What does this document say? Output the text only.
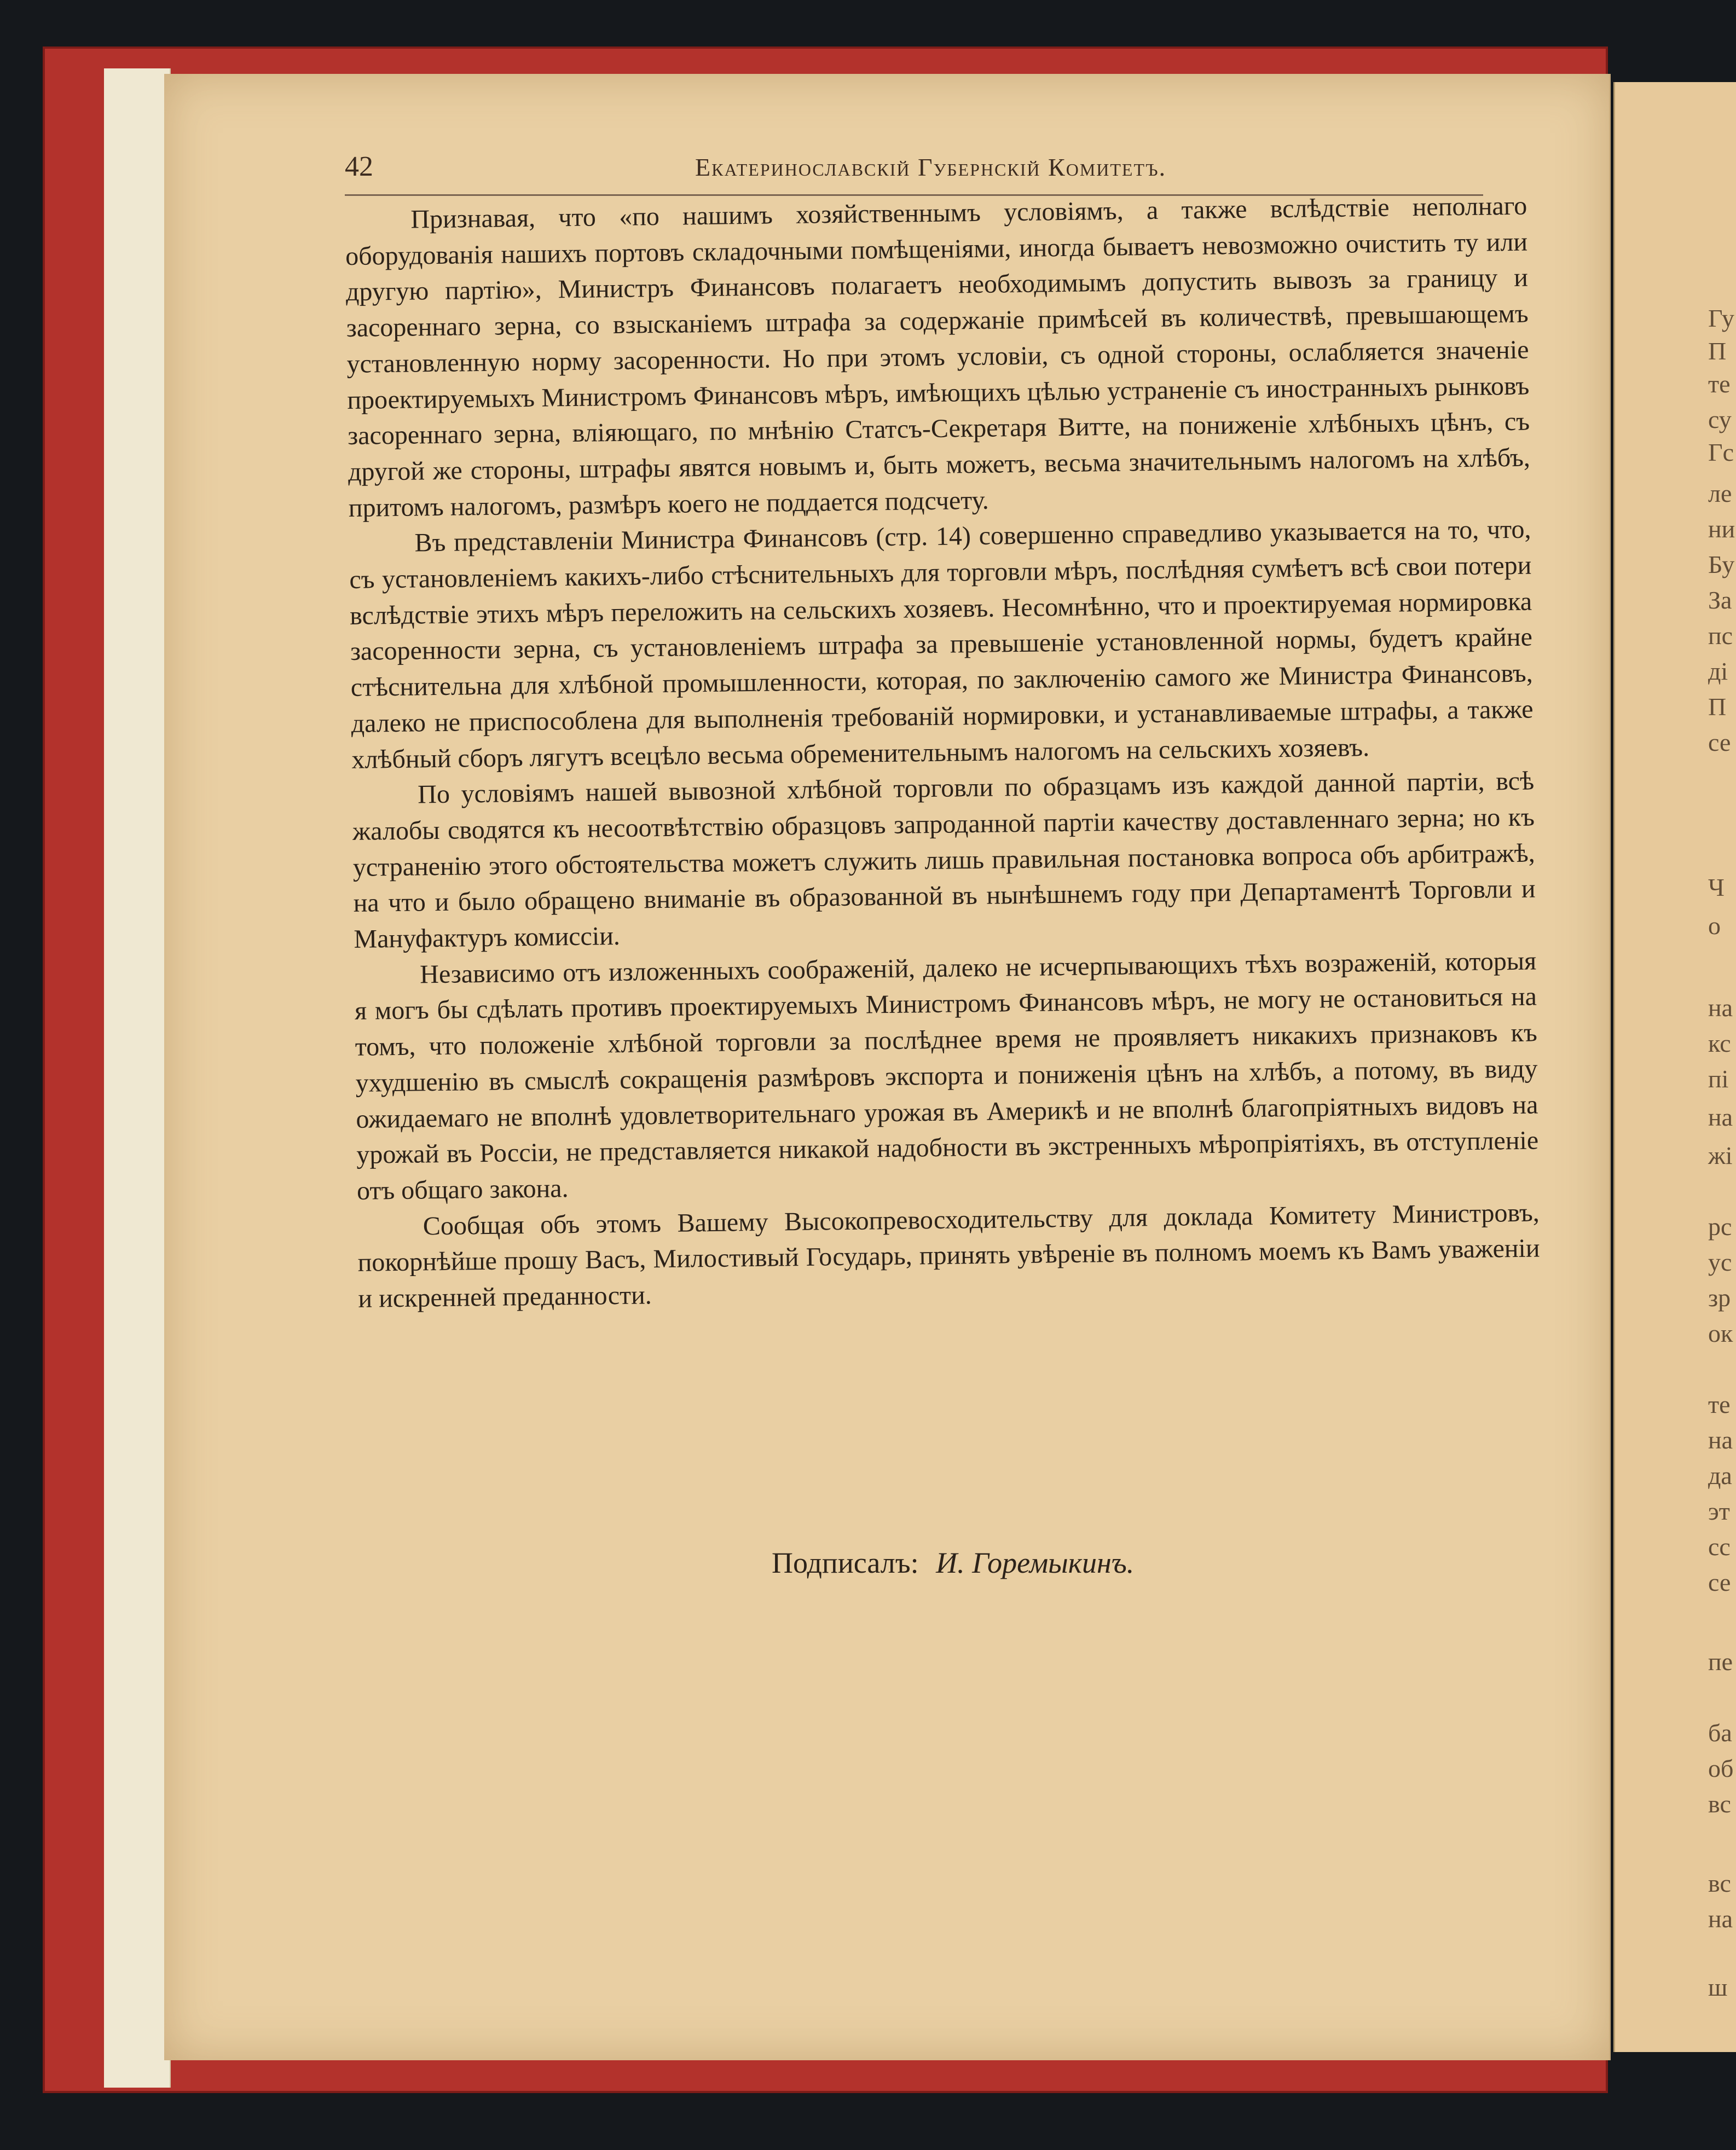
Гу
П
те
су
Гс
ле
ни
Бу
За
пс
ді
П
се
Ч
о
на
кс
пі
на
жі
рс
ус
зр
ок
те
на
да
эт
сс
се
пе
ба
об
вс
вс
на
ш
42	Екатеринославскій Губернскій Комитетъ.

Признавая, что «по нашимъ хозяйственнымъ условіямъ, а также вслѣдствіе неполнаго оборудованія нашихъ портовъ складочными помѣщеніями, иногда бываетъ невозможно очистить ту или другую партію», Министръ Финансовъ полагаетъ необходимымъ допустить вывозъ за границу и засореннаго зерна, со взысканіемъ штрафа за содержаніе примѣсей въ количествѣ, превышающемъ установленную норму засоренности. Но при этомъ условіи, съ одной стороны, ослабляется значеніе проектируемыхъ Министромъ Финансовъ мѣръ, имѣющихъ цѣлью устраненіе съ иностранныхъ рынковъ засореннаго зерна, вліяющаго, по мнѣнію Статсъ-Секретаря Витте, на пониженіе хлѣбныхъ цѣнъ, съ другой же стороны, штрафы явятся новымъ и, быть можетъ, весьма значительнымъ налогомъ на хлѣбъ, притомъ налогомъ, размѣръ коего не поддается подсчету.

Въ представленіи Министра Финансовъ (стр. 14) совершенно справедливо указывается на то, что, съ установленіемъ какихъ-либо стѣснительныхъ для торговли мѣръ, послѣдняя сумѣетъ всѣ свои потери вслѣдствіе этихъ мѣръ переложить на сельскихъ хозяевъ. Несомнѣнно, что и проектируемая нормировка засоренности зерна, съ установленіемъ штрафа за превышеніе установленной нормы, будетъ крайне стѣснительна для хлѣбной промышленности, которая, по заключенію самого же Министра Финансовъ, далеко не приспособлена для выполненія требованій нормировки, и устанавливаемые штрафы, а также хлѣбный сборъ лягутъ всецѣло весьма обременительнымъ налогомъ на сельскихъ хозяевъ.

По условіямъ нашей вывозной хлѣбной торговли по образцамъ изъ каждой данной партіи, всѣ жалобы сводятся къ несоотвѣтствію образцовъ запроданной партіи качеству доставленнаго зерна; но къ устраненію этого обстоятельства можетъ служить лишь правильная постановка вопроса объ арбитражѣ, на что и было обращено вниманіе въ образованной въ нынѣшнемъ году при Департаментѣ Торговли и Мануфактуръ комиссіи.

Независимо отъ изложенныхъ соображеній, далеко не исчерпывающихъ тѣхъ возраженій, которыя я могъ бы сдѣлать противъ проектируемыхъ Министромъ Финансовъ мѣръ, не могу не остановиться на томъ, что положеніе хлѣбной торговли за послѣднее время не проявляетъ никакихъ признаковъ къ ухудшенію въ смыслѣ сокращенія размѣровъ экспорта и пониженія цѣнъ на хлѣбъ, а потому, въ виду ожидаемаго не вполнѣ удовлетворительнаго урожая въ Америкѣ и не вполнѣ благопріятныхъ видовъ на урожай въ Россіи, не представляется никакой надобности въ экстренныхъ мѣропріятіяхъ, въ отступленіе отъ общаго закона.

Сообщая объ этомъ Вашему Высокопревосходительству для доклада Комитету Министровъ, покорнѣйше прошу Васъ, Милостивый Государь, принять увѣреніе въ полномъ моемъ къ Вамъ уваженіи и искренней преданности.

Подписалъ: И. Горемыкинъ.
